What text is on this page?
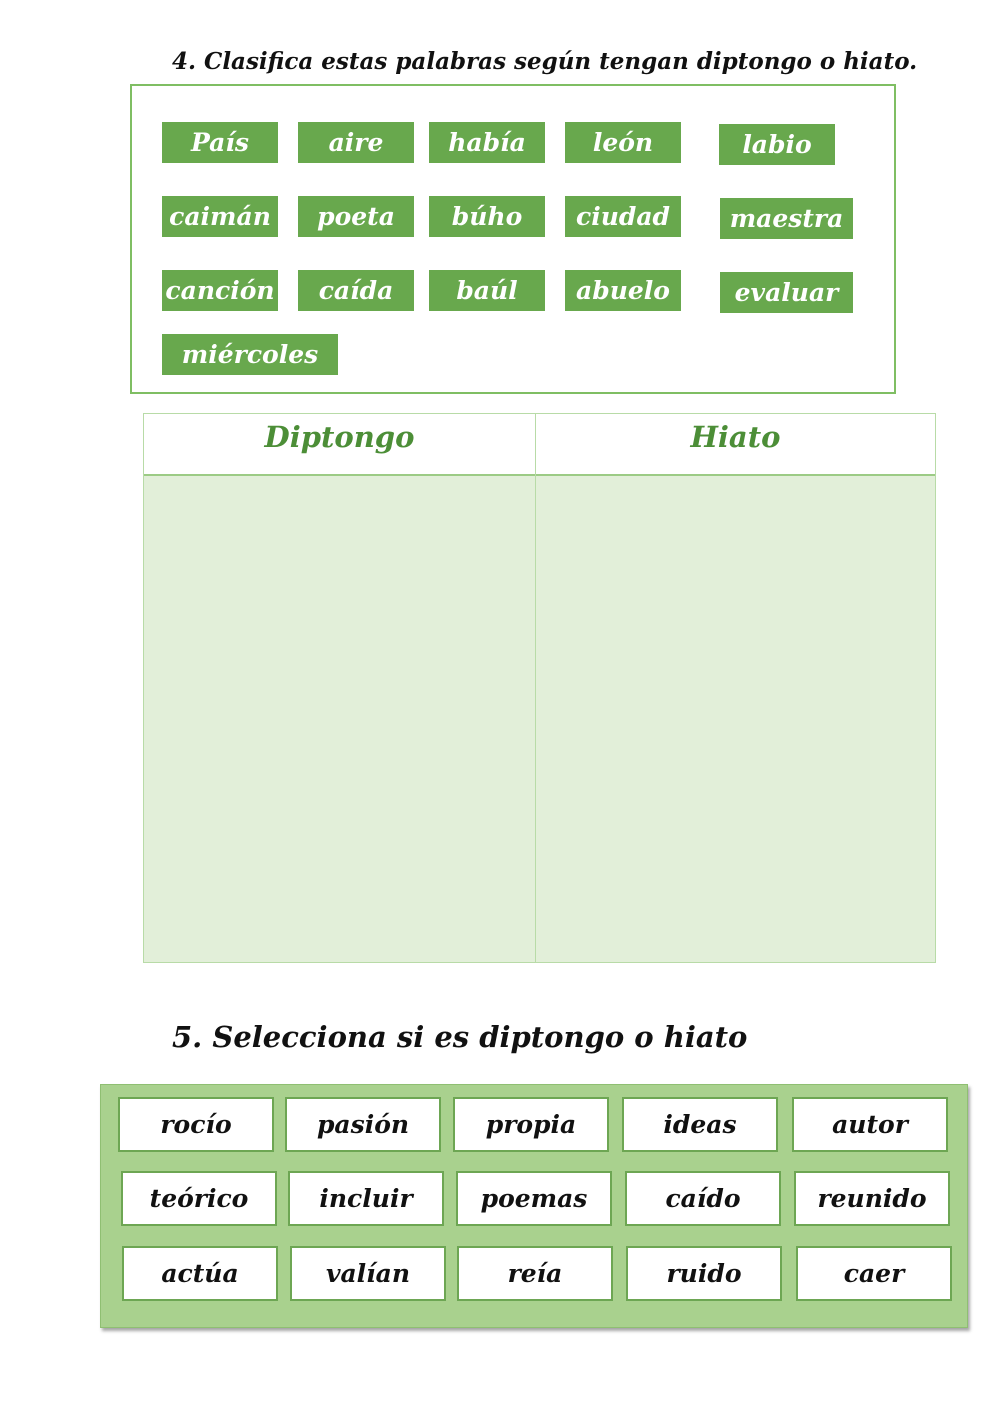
4. Clasifica estas palabras según tengan diptongo o hiato.
País	aire	había	león	labio
caimán	poeta	búho	ciudad	maestra
canción	caída	baúl	abuelo	evaluar
miércoles
Diptongo	Hiato
5. Selecciona si es diptongo o hiato
rocío	pasión	propia	ideas	autor
teórico	incluir	poemas	caído	reunido
actúa	valían	reía	ruido	caer
